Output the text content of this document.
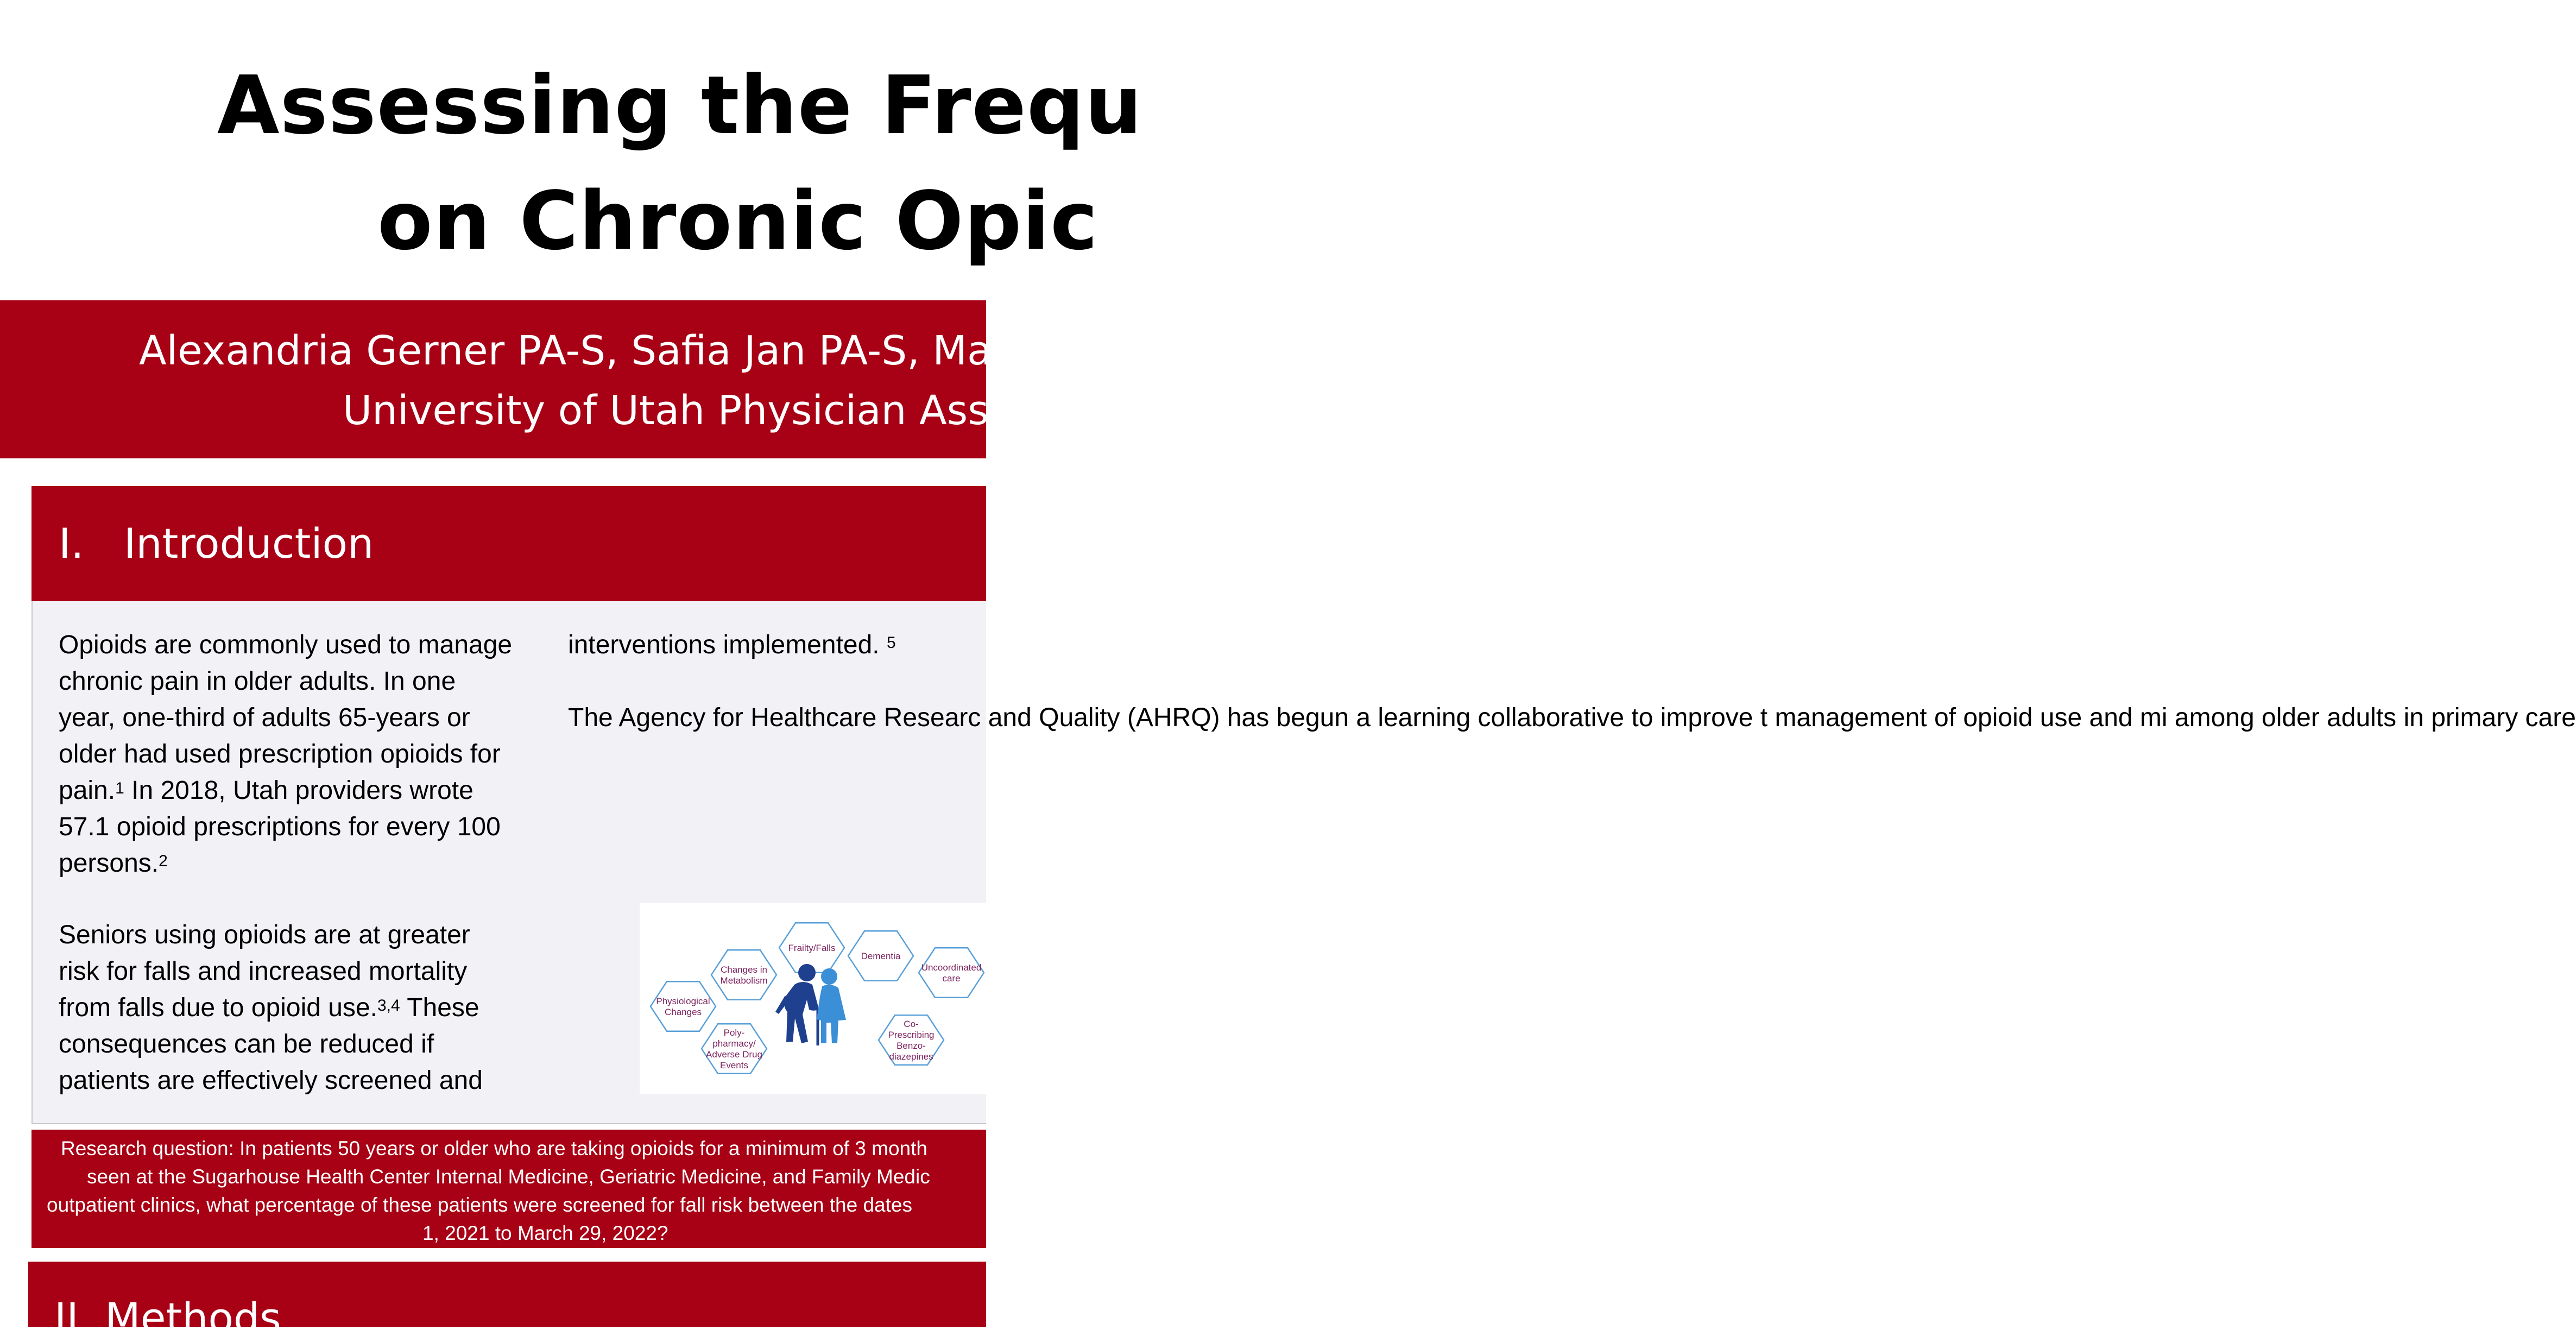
Assessing the Frequ
on Chronic Opic
Alexandria Gerner PA-S, Safia Jan PA-S, Ma
University of Utah Physician Ass
I. Introduction

Opioids are commonly used to manage
chronic pain in older adults. In one
year, one-third of adults 65-years or
older had used prescription opioids for
pain.$^1$ In 2018, Utah providers wrote
57.1 opioid prescriptions for every 100
persons.$^2$

Seniors using opioids are at greater
risk for falls and increased mortality
from falls due to opioid use.$^{3,4}$ These
consequences can be reduced if
patients are effectively screened and

interventions implemented. $^5$

The Agency for Healthcare Researc and Quality (AHRQ) has begun a learning collaborative to improve t management of opioid use and mi among older adults in primary care

Physiological Changes
Changes in Metabolism
Frailty/Falls
Dementia
Uncoordinated care
Poly-pharmacy/ Adverse Drug Events
Co-Prescribing Benzo-diazepines
Research question: In patients 50 years or older who are taking opioids for a minimum of 3 month
seen at the Sugarhouse Health Center Internal Medicine, Geriatric Medicine, and Family Medic
outpatient clinics, what percentage of these patients were screened for fall risk between the dates
1, 2021 to March 29, 2022?
II. Methods
